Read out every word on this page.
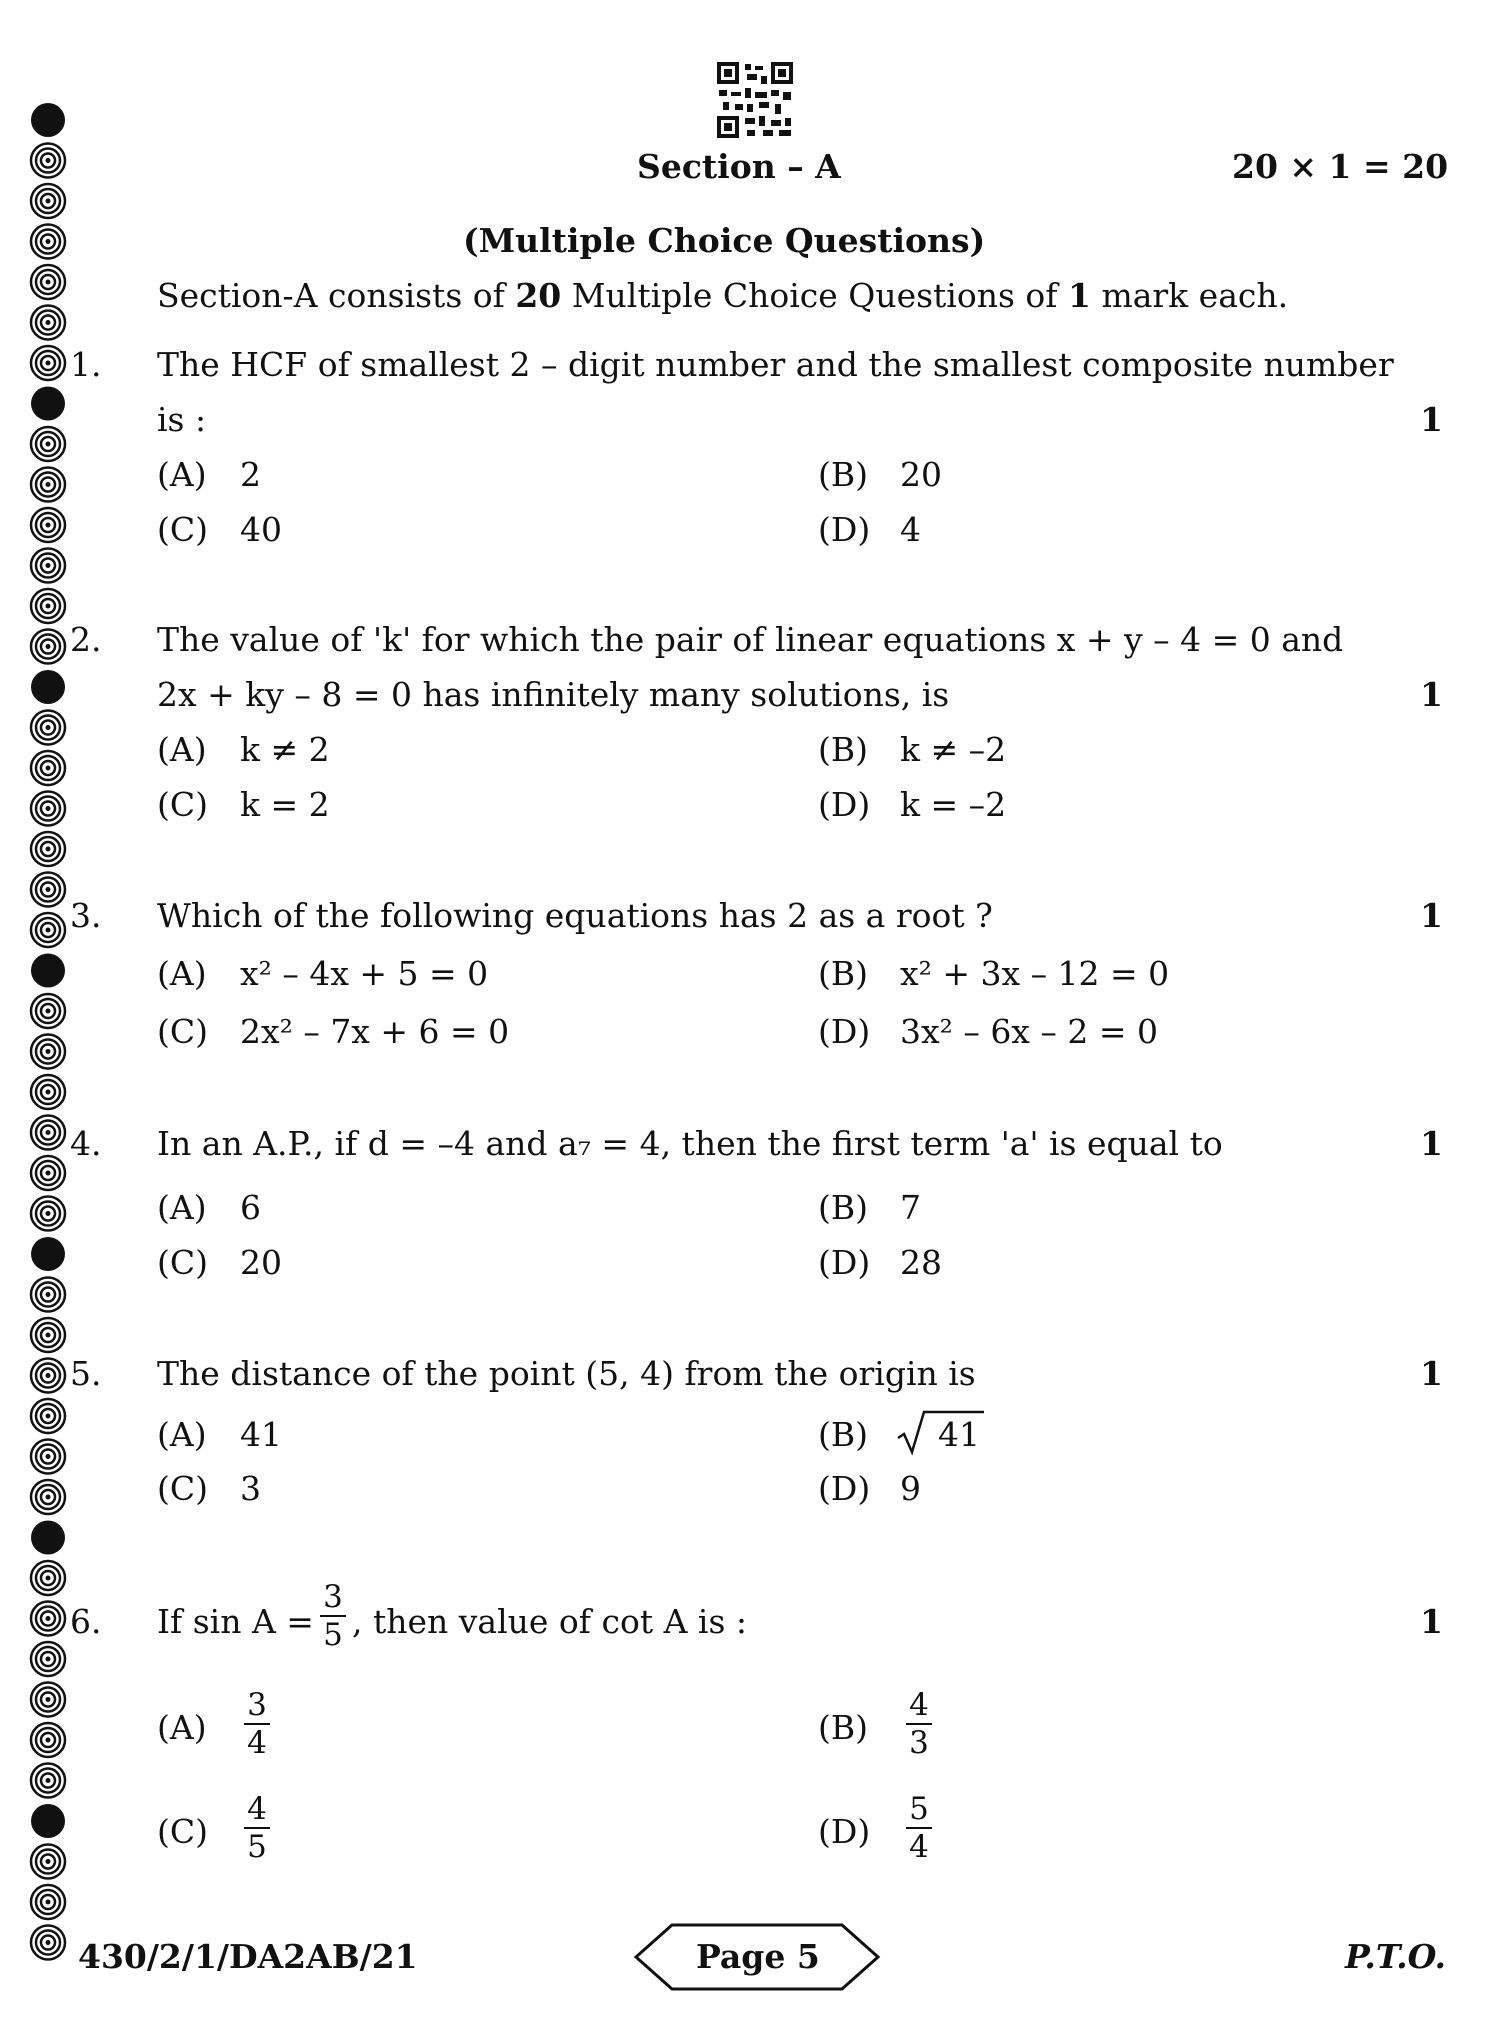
Section – A	20 × 1 = 20
(Multiple Choice Questions)
Section-A consists of 20 Multiple Choice Questions of 1 mark each.
1. The HCF of smallest 2 – digit number and the smallest composite number
is :	1
(A) 2	(B) 20
(C) 40	(D) 4
2. The value of 'k' for which the pair of linear equations x + y – 4 = 0 and
2x + ky – 8 = 0 has infinitely many solutions, is	1
(A) k ≠ 2	(B) k ≠ –2
(C) k = 2	(D) k = –2
3. Which of the following equations has 2 as a root ?	1
(A) x² – 4x + 5 = 0	(B) x² + 3x – 12 = 0
(C) 2x² – 7x + 6 = 0	(D) 3x² – 6x – 2 = 0
4. In an A.P., if d = –4 and a₇ = 4, then the first term 'a' is equal to	1
(A) 6	(B) 7
(C) 20	(D) 28
5. The distance of the point (5, 4) from the origin is	1
(A) 41	(B) 41
(C) 3	(D) 9
6. If sin A =
3
5 , then value of cot A is :	1
(A)
3
4	(B)
4
3
(C)
4
5	(D)
5
4
430/2/1/DA2AB/21	Page 5	P.T.O.
